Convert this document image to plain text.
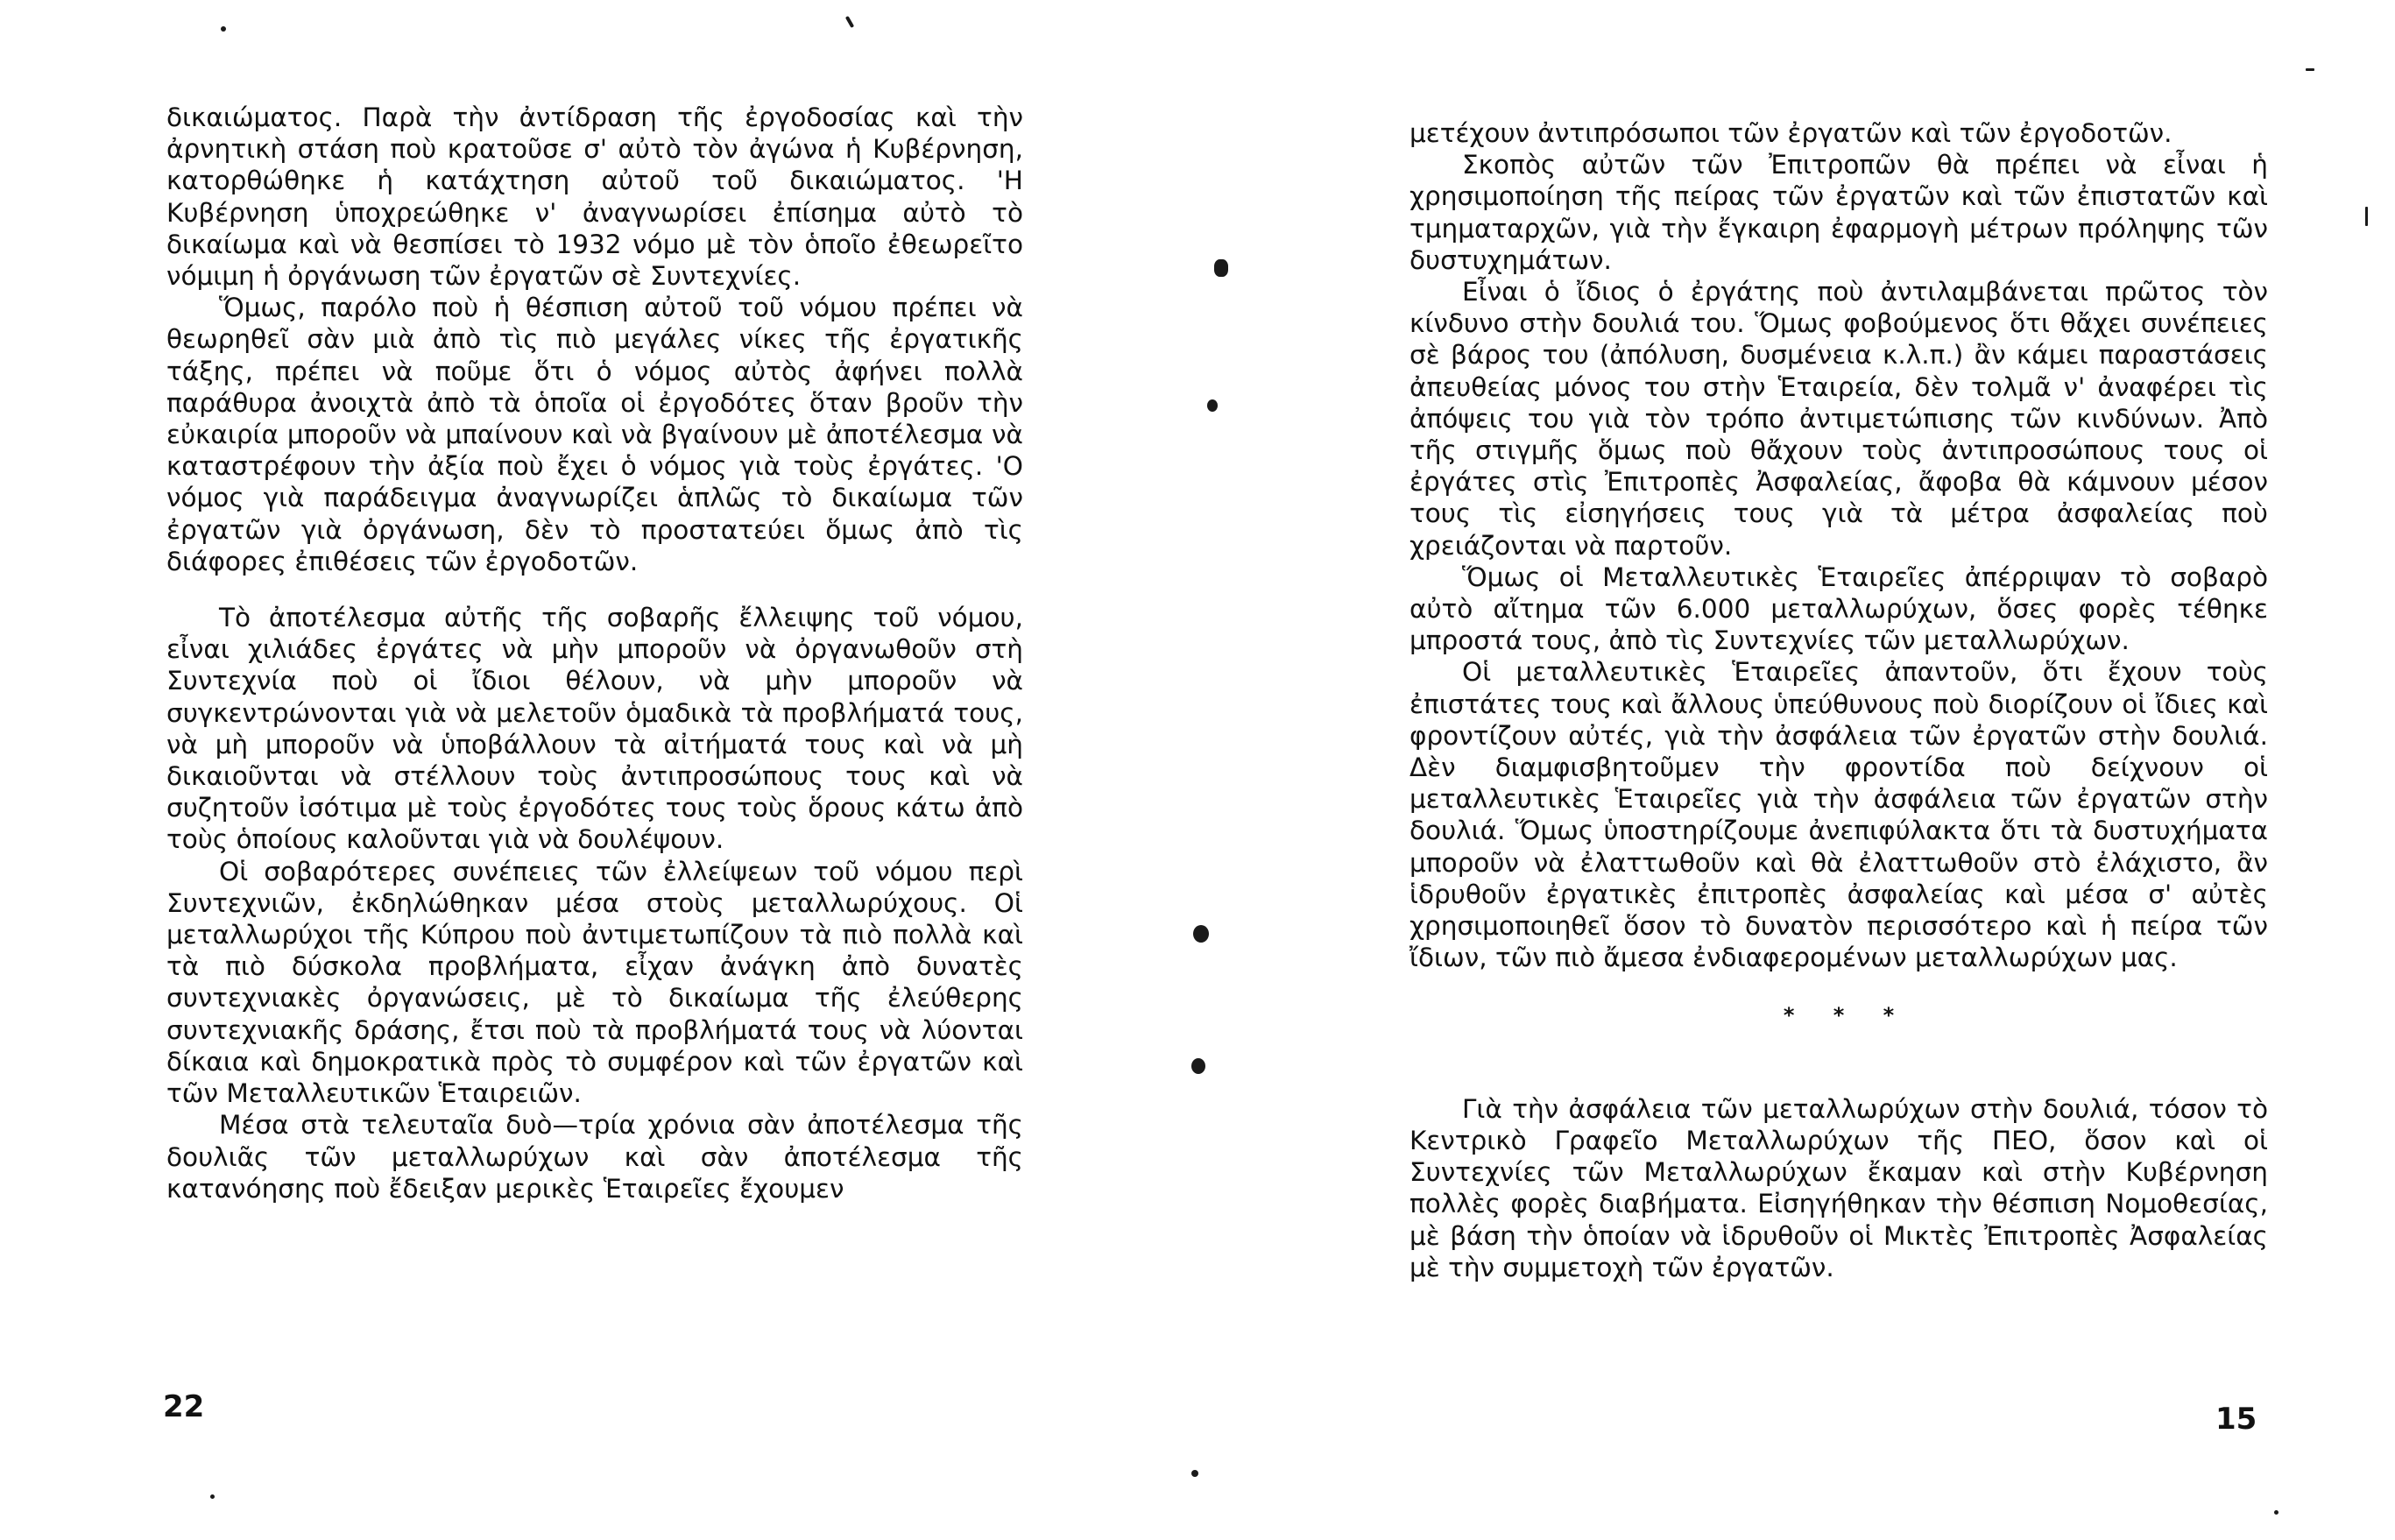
δικαιώματος. Παρὰ τὴν ἀντίδραση τῆς ἐργοδοσίας καὶ τὴν ἀρνητικὴ στάση ποὺ κρατοῦσε σ' αὐτὸ τὸν ἀγώνα ἡ Κυβέρνηση, κατορθώθηκε ἡ κατάχτηση αὐτοῦ τοῦ δικαιώματος. 'Η Κυβέρνηση ὑποχρεώθηκε ν' ἀναγνωρίσει ἐπίσημα αὐτὸ τὸ δικαίωμα καὶ νὰ θεσπίσει τὸ 1932 νόμο μὲ τὸν ὁποῖο ἐθεωρεῖτο νόμιμη ἡ ὀργάνωση τῶν ἐργατῶν σὲ Συντεχνίες.

Ὅμως, παρόλο ποὺ ἡ θέσπιση αὐτοῦ τοῦ νόμου πρέπει νὰ θεωρηθεῖ σὰν μιὰ ἀπὸ τὶς πιὸ μεγάλες νίκες τῆς ἐργατικῆς τάξης, πρέπει νὰ ποῦμε ὅτι ὁ νόμος αὐτὸς ἀφήνει πολλὰ παράθυρα ἀνοιχτὰ ἀπὸ τὰ ὁποῖα οἱ ἐργοδότες ὅταν βροῦν τὴν εὐκαιρία μποροῦν νὰ μπαίνουν καὶ νὰ βγαίνουν μὲ ἀποτέλεσμα νὰ καταστρέφουν τὴν ἀξία ποὺ ἔχει ὁ νόμος γιὰ τοὺς ἐργάτες. 'Ο νόμος γιὰ παράδειγμα ἀναγνωρίζει ἁπλῶς τὸ δικαίωμα τῶν ἐργατῶν γιὰ ὀργάνωση, δὲν τὸ προστατεύει ὅμως ἀπὸ τὶς διάφορες ἐπιθέσεις τῶν ἐργοδοτῶν.

Τὸ ἀποτέλεσμα αὐτῆς τῆς σοβαρῆς ἔλλειψης τοῦ νόμου, εἶναι χιλιάδες ἐργάτες νὰ μὴν μποροῦν νὰ ὀργανωθοῦν στὴ Συντεχνία ποὺ οἱ ἴδιοι θέλουν, νὰ μὴν μποροῦν νὰ συγκεντρώνονται γιὰ νὰ μελετοῦν ὁμαδικὰ τὰ προβλήματά τους, νὰ μὴ μποροῦν νὰ ὑποβάλλουν τὰ αἰτήματά τους καὶ νὰ μὴ δικαιοῦνται νὰ στέλλουν τοὺς ἀντιπροσώπους τους καὶ νὰ συζητοῦν ἰσότιμα μὲ τοὺς ἐργοδότες τους τοὺς ὅρους κάτω ἀπὸ τοὺς ὁποίους καλοῦνται γιὰ νὰ δουλέψουν.

Οἱ σοβαρότερες συνέπειες τῶν ἐλλείψεων τοῦ νόμου περὶ Συντεχνιῶν, ἐκδηλώθηκαν μέσα στοὺς μεταλλωρύχους. Οἱ μεταλλωρύχοι τῆς Κύπρου ποὺ ἀντιμετωπίζουν τὰ πιὸ πολλὰ καὶ τὰ πιὸ δύσκολα προβλήματα, εἶχαν ἀνάγκη ἀπὸ δυνατὲς συντεχνιακὲς ὀργανώσεις, μὲ τὸ δικαίωμα τῆς ἐλεύθερης συντεχνιακῆς δράσης, ἔτσι ποὺ τὰ προβλήματά τους νὰ λύονται δίκαια καὶ δημοκρατικὰ πρὸς τὸ συμφέρον καὶ τῶν ἐργατῶν καὶ τῶν Μεταλλευτικῶν Ἑταιρειῶν.

Μέσα στὰ τελευταῖα δυὸ—τρία χρόνια σὰν ἀποτέλεσμα τῆς δουλιᾶς τῶν μεταλλωρύχων καὶ σὰν ἀποτέλεσμα τῆς κατανόησης ποὺ ἔδειξαν μερικὲς Ἑταιρεῖες ἔχουμεν

22

μετέχουν ἀντιπρόσωποι τῶν ἐργατῶν καὶ τῶν ἐργοδοτῶν.

Σκοπὸς αὐτῶν τῶν Ἐπιτροπῶν θὰ πρέπει νὰ εἶναι ἡ χρησιμοποίηση τῆς πείρας τῶν ἐργατῶν καὶ τῶν ἐπιστατῶν καὶ τμηματαρχῶν, γιὰ τὴν ἔγκαιρη ἐφαρμογὴ μέτρων πρόληψης τῶν δυστυχημάτων.

Εἶναι ὁ ἴδιος ὁ ἐργάτης ποὺ ἀντιλαμβάνεται πρῶτος τὸν κίνδυνο στὴν δουλιά του. Ὅμως φοβούμενος ὅτι θἄχει συνέπειες σὲ βάρος του (ἀπόλυση, δυσμένεια κ.λ.π.) ἂν κάμει παραστάσεις ἀπευθείας μόνος του στὴν Ἑταιρεία, δὲν τολμᾶ ν' ἀναφέρει τὶς ἀπόψεις του γιὰ τὸν τρόπο ἀντιμετώπισης τῶν κινδύνων. Ἀπὸ τῆς στιγμῆς ὅμως ποὺ θἄχουν τοὺς ἀντιπροσώπους τους οἱ ἐργάτες στὶς Ἐπιτροπὲς Ἀσφαλείας, ἄφοβα θὰ κάμνουν μέσον τους τὶς εἰσηγήσεις τους γιὰ τὰ μέτρα ἀσφαλείας ποὺ χρειάζονται νὰ παρτοῦν.

Ὅμως οἱ Μεταλλευτικὲς Ἑταιρεῖες ἀπέρριψαν τὸ σοβαρὸ αὐτὸ αἴτημα τῶν 6.000 μεταλλωρύχων, ὅσες φορὲς τέθηκε μπροστά τους, ἀπὸ τὶς Συντεχνίες τῶν μεταλλωρύχων.

Οἱ μεταλλευτικὲς Ἑταιρεῖες ἀπαντοῦν, ὅτι ἔχουν τοὺς ἐπιστάτες τους καὶ ἄλλους ὑπεύθυνους ποὺ διορίζουν οἱ ἴδιες καὶ φροντίζουν αὐτές, γιὰ τὴν ἀσφάλεια τῶν ἐργατῶν στὴν δουλιά. Δὲν διαμφισβητοῦμεν τὴν φροντίδα ποὺ δείχνουν οἱ μεταλλευτικὲς Ἑταιρεῖες γιὰ τὴν ἀσφάλεια τῶν ἐργατῶν στὴν δουλιά. Ὅμως ὑποστηρίζουμε ἀνεπιφύλακτα ὅτι τὰ δυστυχήματα μποροῦν νὰ ἐλαττωθοῦν καὶ θὰ ἐλαττωθοῦν στὸ ἐλάχιστο, ἂν ἱδρυθοῦν ἐργατικὲς ἐπιτροπὲς ἀσφαλείας καὶ μέσα σ' αὐτὲς χρησιμοποιηθεῖ ὅσον τὸ δυνατὸν περισσότερο καὶ ἡ πείρα τῶν ἴδιων, τῶν πιὸ ἄμεσα ἐνδιαφερομένων μεταλλωρύχων μας.

* * *

Γιὰ τὴν ἀσφάλεια τῶν μεταλλωρύχων στὴν δουλιά, τόσον τὸ Κεντρικὸ Γραφεῖο Μεταλλωρύχων τῆς ΠΕΟ, ὅσον καὶ οἱ Συντεχνίες τῶν Μεταλλωρύχων ἔκαμαν καὶ στὴν Κυβέρνηση πολλὲς φορὲς διαβήματα. Εἰσηγήθηκαν τὴν θέσπιση Νομοθεσίας, μὲ βάση τὴν ὁποίαν νὰ ἱδρυθοῦν οἱ Μικτὲς Ἐπιτροπὲς Ἀσφαλείας μὲ τὴν συμμετοχὴ τῶν ἐργατῶν.

15
